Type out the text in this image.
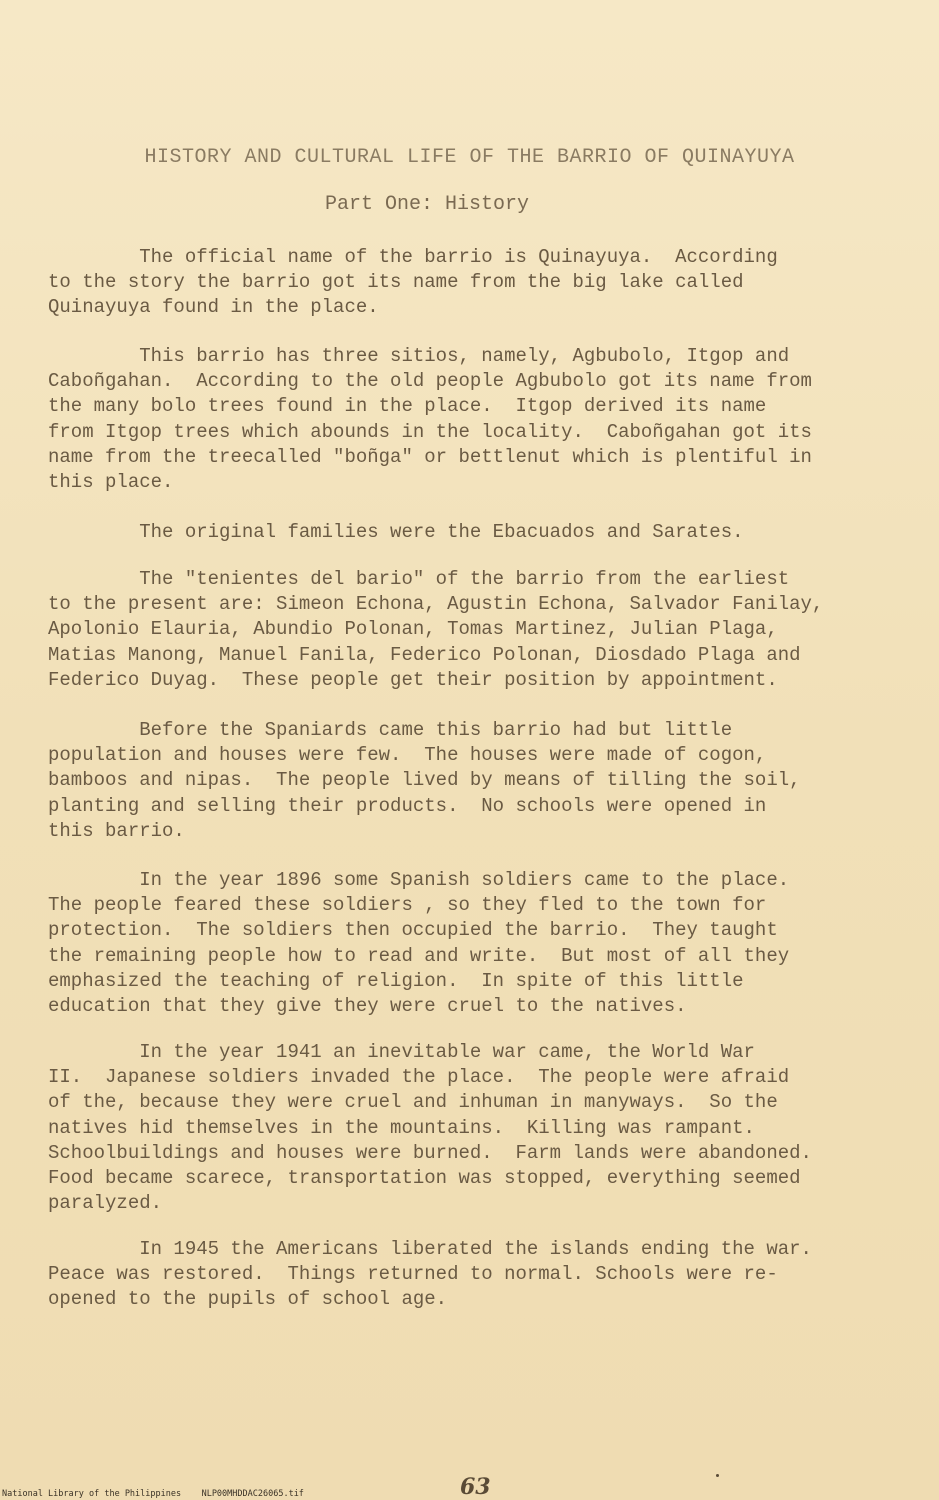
HISTORY AND CULTURAL LIFE OF THE BARRIO OF QUINAYUYA
Part One: History

The official name of the barrio is Quinayuya.  According
to the story the barrio got its name from the big lake called
Quinayuya found in the place.

This barrio has three sitios, namely, Agbubolo, Itgop and
Caboñgahan.  According to the old people Agbubolo got its name from
the many bolo trees found in the place.  Itgop derived its name
from Itgop trees which abounds in the locality.  Caboñgahan got its
name from the treecalled "boñga" or bettlenut which is plentiful in
this place.

The original families were the Ebacuados and Sarates.

The "tenientes del bario" of the barrio from the earliest
to the present are: Simeon Echona, Agustin Echona, Salvador Fanilay,
Apolonio Elauria, Abundio Polonan, Tomas Martinez, Julian Plaga,
Matias Manong, Manuel Fanila, Federico Polonan, Diosdado Plaga and
Federico Duyag.  These people get their position by appointment.

Before the Spaniards came this barrio had but little
population and houses were few.  The houses were made of cogon,
bamboos and nipas.  The people lived by means of tilling the soil,
planting and selling their products.  No schools were opened in
this barrio.

In the year 1896 some Spanish soldiers came to the place.
The people feared these soldiers , so they fled to the town for
protection.  The soldiers then occupied the barrio.  They taught
the remaining people how to read and write.  But most of all they
emphasized the teaching of religion.  In spite of this little
education that they give they were cruel to the natives.

In the year 1941 an inevitable war came, the World War
II.  Japanese soldiers invaded the place.  The people were afraid
of the, because they were cruel and inhuman in manyways.  So the
natives hid themselves in the mountains.  Killing was rampant.
Schoolbuildings and houses were burned.  Farm lands were abandoned.
Food became scarece, transportation was stopped, everything seemed
paralyzed.

In 1945 the Americans liberated the islands ending the war.
Peace was restored.  Things returned to normal. Schools were re-
opened to the pupils of school age.

63
National Library of the Philippines    NLP00MHDDAC26065.tif
